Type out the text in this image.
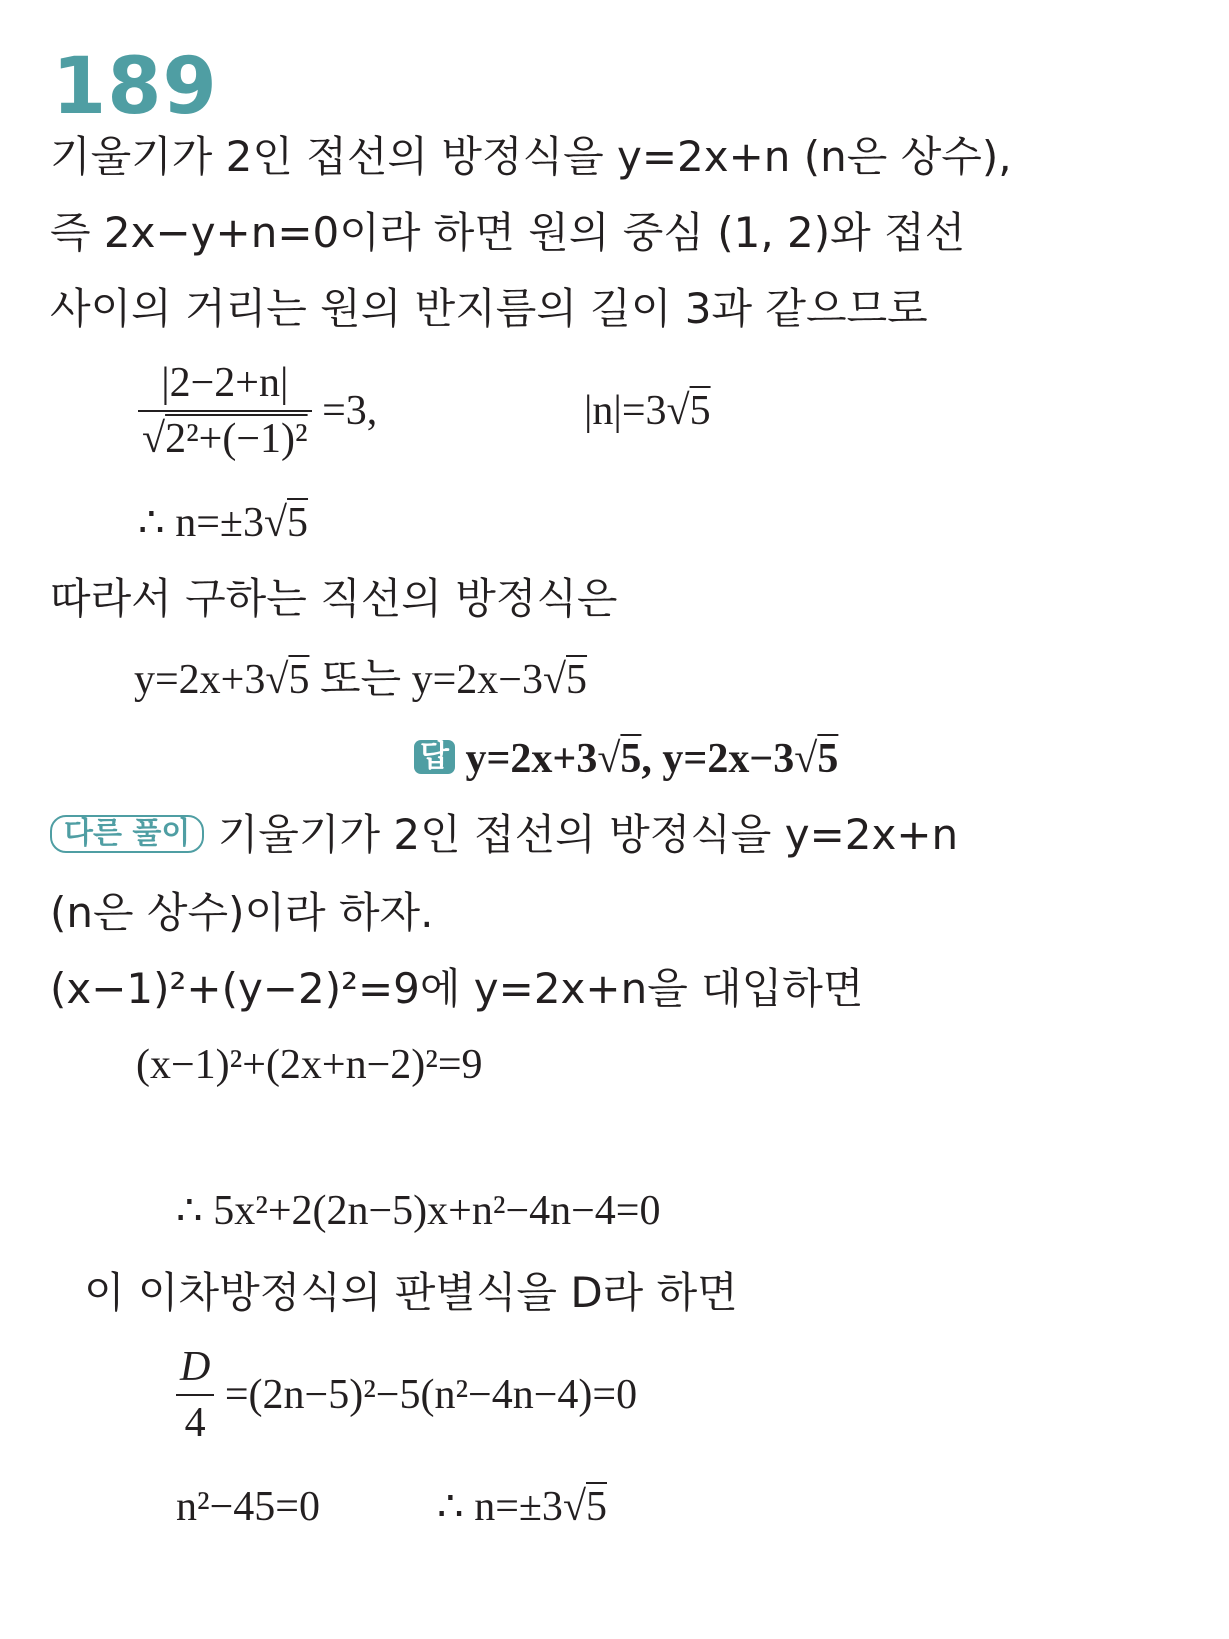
189
기울기가 2인 접선의 방정식을 y=2x+n (n은 상수),
즉 2x−y+n=0이라 하면 원의 중심 (1, 2)와 접선
사이의 거리는 원의 반지름의 길이 3과 같으므로
$\frac{|2-2+n|}{\text{√2²+(−1)²}} =3$,	|n|=3√5
∴ n=±3√5
따라서 구하는 직선의 방정식은
y=2x+3√5 또는 y=2x−3√5
답 y=2x+3√5, y=2x−3√5
다른 풀이 기울기가 2인 접선의 방정식을 y=2x+n
(n은 상수)이라 하자.
(x−1)²+(y−2)²=9에 y=2x+n을 대입하면
(x−1)²+(2x+n−2)²=9
∴ 5x²+2(2n−5)x+n²−4n−4=0
이 이차방정식의 판별식을 D라 하면
$\frac{D}{4} =(2n-5)^2-5(n^2-4n-4)=0$
n²−45=0	∴ n=±3√5
